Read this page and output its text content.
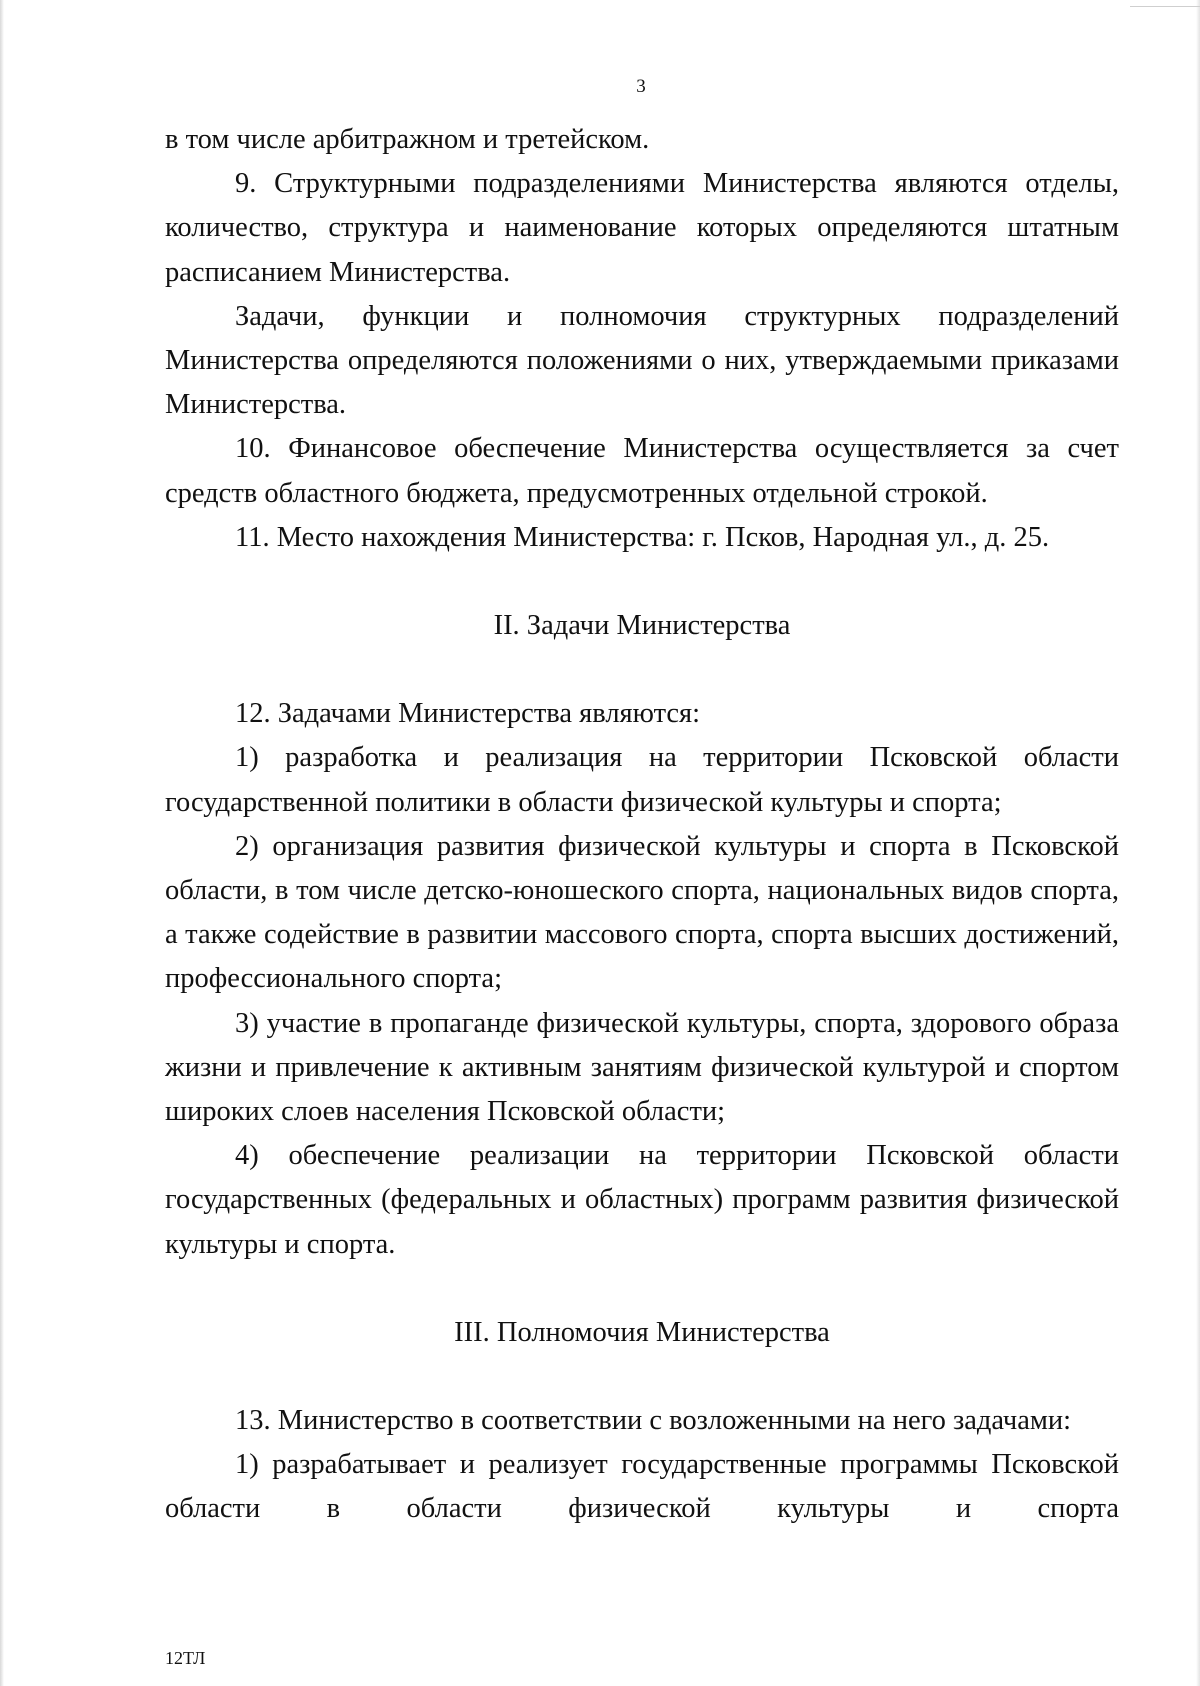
3

в том числе арбитражном и третейском.

9. Структурными подразделениями Министерства являются отделы, количество, структура и наименование которых определяются штатным расписанием Министерства.

Задачи, функции и полномочия структурных подразделений Министерства определяются положениями о них, утверждаемыми приказами Министерства.

10. Финансовое обеспечение Министерства осуществляется за счет средств областного бюджета, предусмотренных отдельной строкой.

11. Место нахождения Министерства: г. Псков, Народная ул., д. 25.

II. Задачи Министерства

12. Задачами Министерства являются:

1) разработка и реализация на территории Псковской области государственной политики в области физической культуры и спорта;

2) организация развития физической культуры и спорта в Псковской области, в том числе детско-юношеского спорта, национальных видов спорта, а также содействие в развитии массового спорта, спорта высших достижений, профессионального спорта;

3) участие в пропаганде физической культуры, спорта, здорового образа жизни и привлечение к активным занятиям физической культурой и спортом широких слоев населения Псковской области;

4) обеспечение реализации на территории Псковской области государственных (федеральных и областных) программ развития физической культуры и спорта.

III. Полномочия Министерства

13. Министерство в соответствии с возложенными на него задачами:

1) разрабатывает и реализует государственные программы Псковской области в области физической культуры и спорта

12ТЛ
